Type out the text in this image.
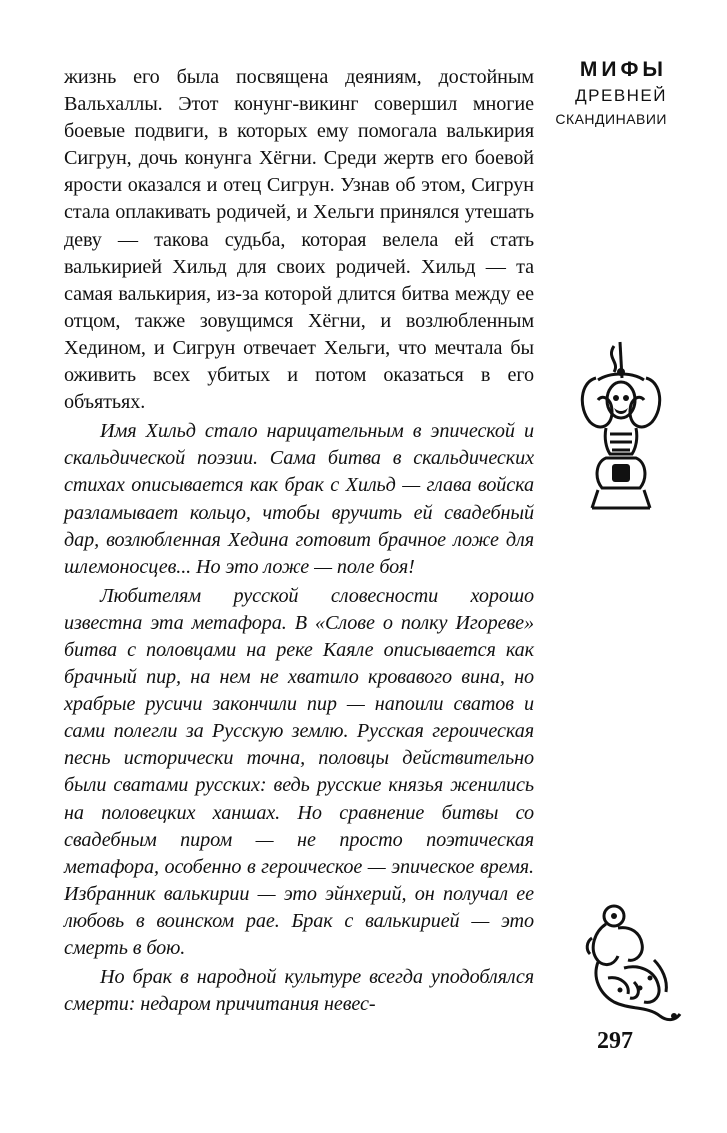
МИФЫ
ДРЕВНЕЙ
СКАНДИНАВИИ

жизнь его была посвящена деяниям, достойным Вальхаллы. Этот конунг-викинг совершил многие боевые подвиги, в которых ему помогала валькирия Сигрун, дочь конунга Хёгни. Среди жертв его боевой ярости оказался и отец Сигрун. Узнав об этом, Сигрун стала оплакивать родичей, и Хельги принялся утешать деву — такова судьба, которая велела ей стать валькирией Хильд для своих родичей. Хильд — та самая валькирия, из-за которой длится битва между ее отцом, также зовущимся Хёгни, и возлюбленным Хедином, и Сигрун отвечает Хельги, что мечтала бы оживить всех убитых и потом оказаться в его объятьях.

Имя Хильд стало нарицательным в эпической и скальдической поэзии. Сама битва в скальдических стихах описывается как брак с Хильд — глава войска разламывает кольцо, чтобы вручить ей свадебный дар, возлюбленная Хедина готовит брачное ложе для шлемоносцев... Но это ложе — поле боя!

Любителям русской словесности хорошо известна эта метафора. В «Слове о полку Игореве» битва с половцами на реке Каяле описывается как брачный пир, на нем не хватило кровавого вина, но храбрые русичи закончили пир — напоили сватов и сами полегли за Русскую землю. Русская героическая песнь исторически точна, половцы действительно были сватами русских: ведь русские князья женились на половецких ханшах. Но сравнение битвы со свадебным пиром — не просто поэтическая метафора, особенно в героическое — эпическое время. Избранник валькирии — это эйнхерий, он получал ее любовь в воинском рае. Брак с валькирией — это смерть в бою.

Но брак в народной культуре всегда уподоблялся смерти: недаром причитания невес-

297
